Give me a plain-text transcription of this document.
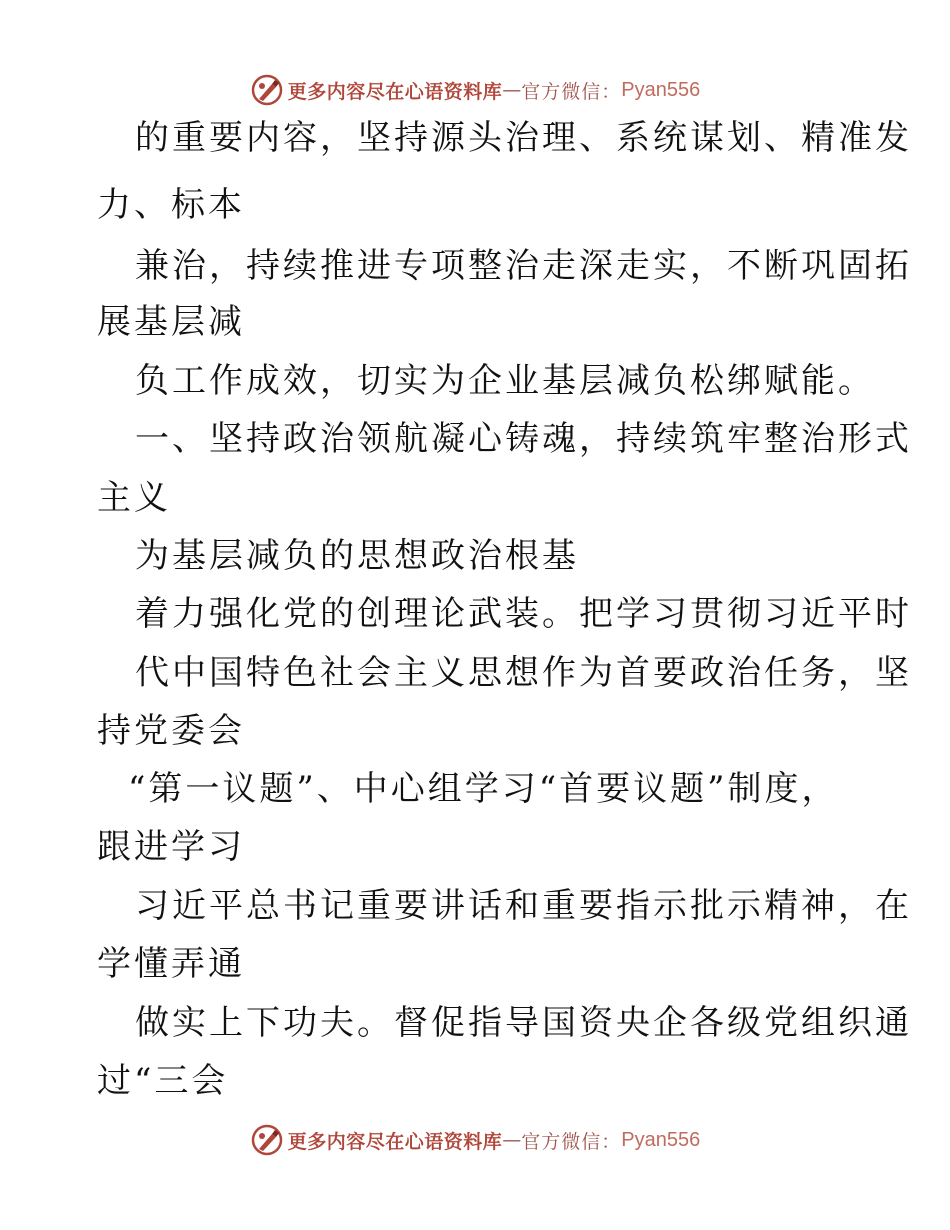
更多内容尽在心语资料库 — 官方微信： Pyan556
的重要内容，坚持源头治理、系统谋划、精准发
力、标本
兼治，持续推进专项整治走深走实，不断巩固拓
展基层减
负工作成效，切实为企业基层减负松绑赋能。
一、坚持政治领航凝心铸魂，持续筑牢整治形式
主义
为基层减负的思想政治根基
着力强化党的创理论武装。把学习贯彻习近平时
代中国特色社会主义思想作为首要政治任务，坚
持党委会
“第一议题”、中心组学习“首要议题”制度，
跟进学习
习近平总书记重要讲话和重要指示批示精神，在
学懂弄通
做实上下功夫。督促指导国资央企各级党组织通
过“三会
更多内容尽在心语资料库 — 官方微信： Pyan556
